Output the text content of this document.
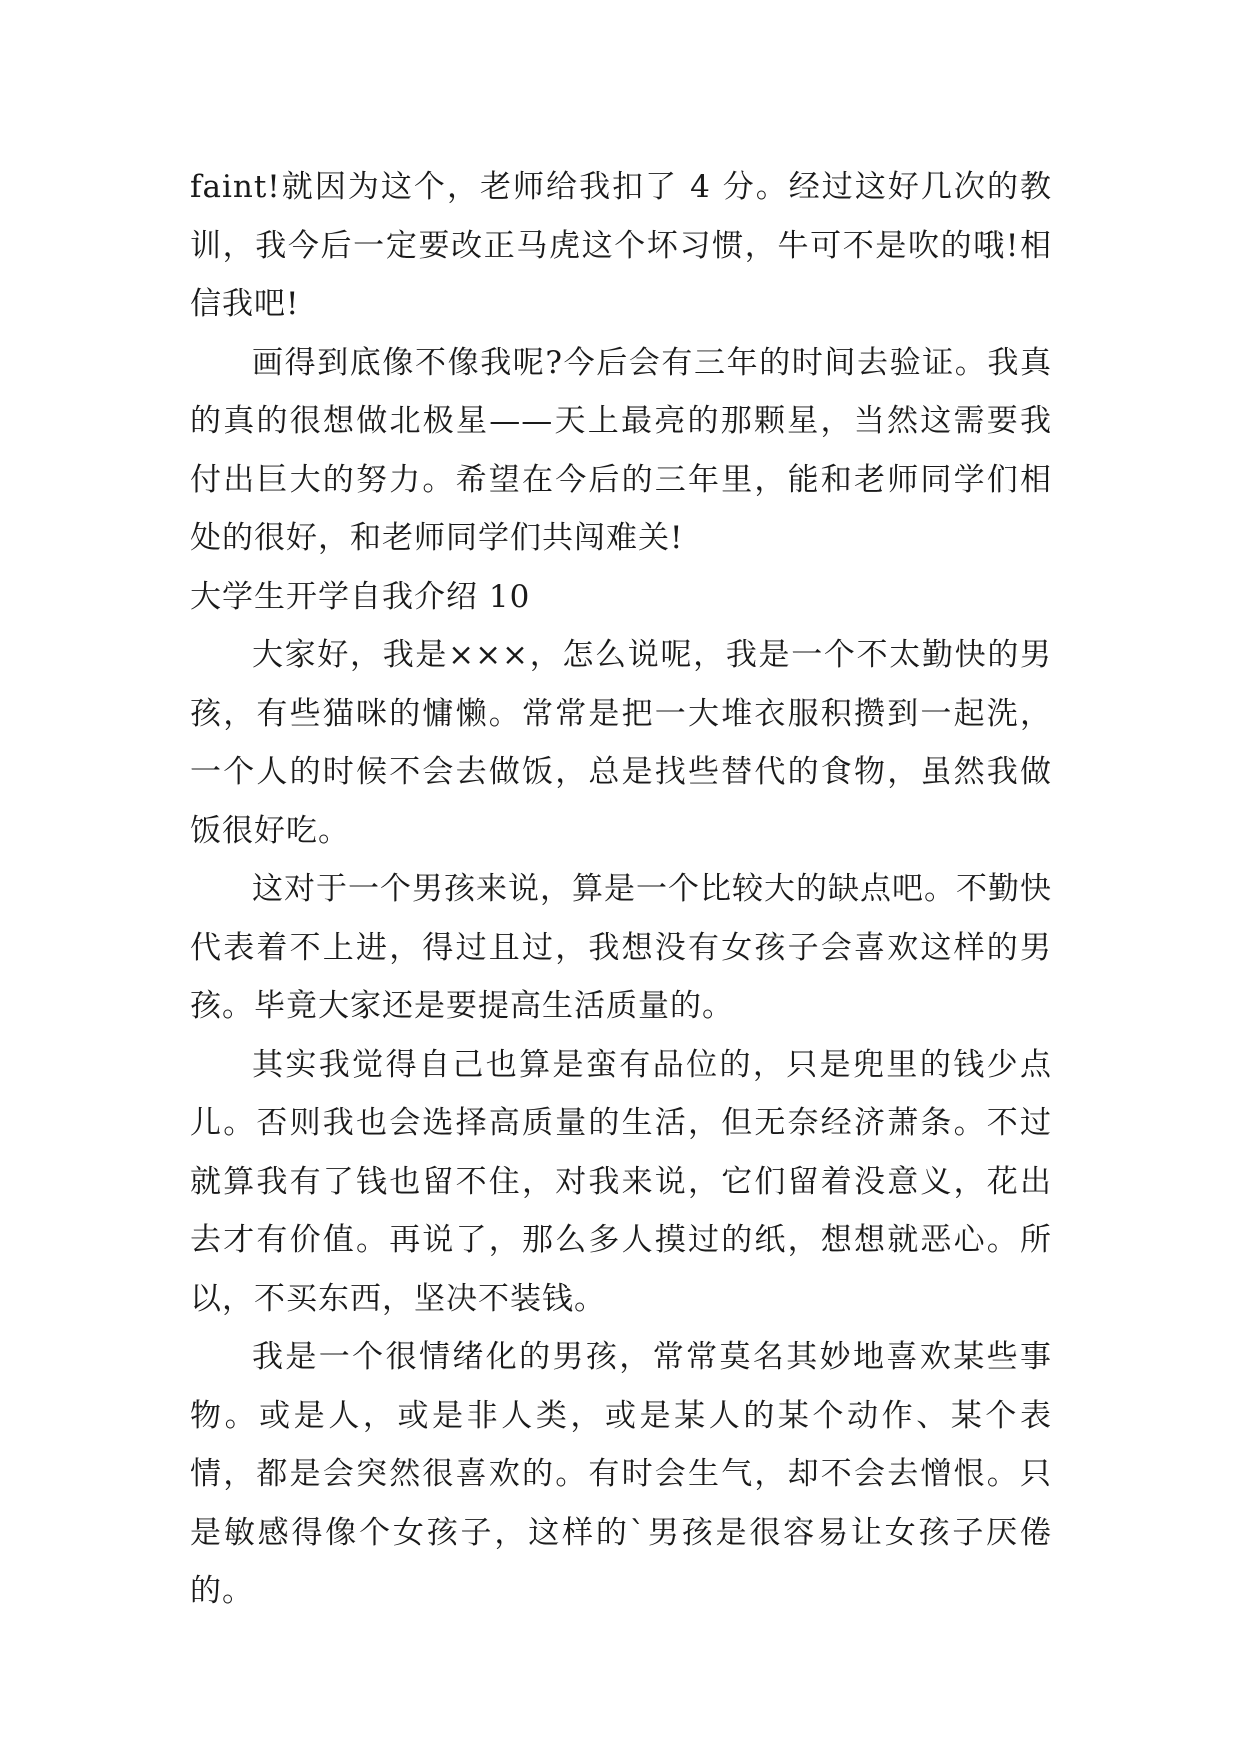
faint!就因为这个，老师给我扣了 4 分。经过这好几次的教训，我今后一定要改正马虎这个坏习惯，牛可不是吹的哦!相信我吧!

画得到底像不像我呢?今后会有三年的时间去验证。我真的真的很想做北极星——天上最亮的那颗星，当然这需要我付出巨大的努力。希望在今后的三年里，能和老师同学们相处的很好，和老师同学们共闯难关!

大学生开学自我介绍 10

大家好，我是×××，怎么说呢，我是一个不太勤快的男孩，有些猫咪的慵懒。常常是把一大堆衣服积攒到一起洗，一个人的时候不会去做饭，总是找些替代的食物，虽然我做饭很好吃。

这对于一个男孩来说，算是一个比较大的缺点吧。不勤快代表着不上进，得过且过，我想没有女孩子会喜欢这样的男孩。毕竟大家还是要提高生活质量的。

其实我觉得自己也算是蛮有品位的，只是兜里的钱少点儿。否则我也会选择高质量的生活，但无奈经济萧条。不过就算我有了钱也留不住，对我来说，它们留着没意义，花出去才有价值。再说了，那么多人摸过的纸，想想就恶心。所以，不买东西，坚决不装钱。

我是一个很情绪化的男孩，常常莫名其妙地喜欢某些事物。或是人，或是非人类，或是某人的某个动作、某个表情，都是会突然很喜欢的。有时会生气，却不会去憎恨。只是敏感得像个女孩子，这样的`男孩是很容易让女孩子厌倦的。
